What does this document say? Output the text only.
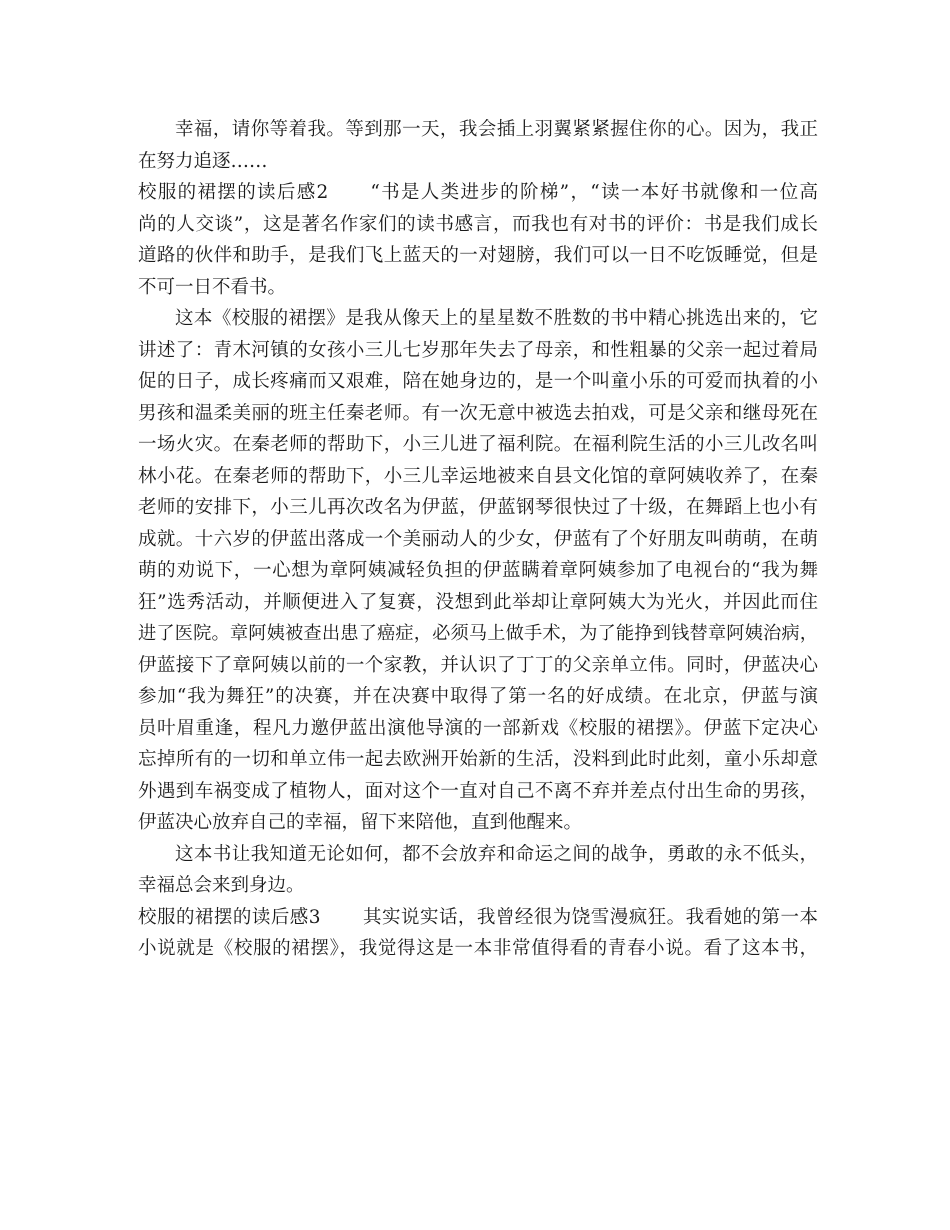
幸福，请你等着我。等到那一天，我会插上羽翼紧紧握住你的心。因为，我正
在努力追逐……
校服的裙摆的读后感2 “书是人类进步的阶梯”，“读一本好书就像和一位高
尚的人交谈”，这是著名作家们的读书感言，而我也有对书的评价：书是我们成长
道路的伙伴和助手，是我们飞上蓝天的一对翅膀，我们可以一日不吃饭睡觉，但是
不可一日不看书。
这本《校服的裙摆》是我从像天上的星星数不胜数的书中精心挑选出来的，它
讲述了：青木河镇的女孩小三儿七岁那年失去了母亲，和性粗暴的父亲一起过着局
促的日子，成长疼痛而又艰难，陪在她身边的，是一个叫童小乐的可爱而执着的小
男孩和温柔美丽的班主任秦老师。有一次无意中被选去拍戏，可是父亲和继母死在
一场火灾。在秦老师的帮助下，小三儿进了福利院。在福利院生活的小三儿改名叫
林小花。在秦老师的帮助下，小三儿幸运地被来自县文化馆的章阿姨收养了，在秦
老师的安排下，小三儿再次改名为伊蓝，伊蓝钢琴很快过了十级，在舞蹈上也小有
成就。十六岁的伊蓝出落成一个美丽动人的少女，伊蓝有了个好朋友叫萌萌，在萌
萌的劝说下，一心想为章阿姨减轻负担的伊蓝瞒着章阿姨参加了电视台的“我为舞
狂”选秀活动，并顺便进入了复赛，没想到此举却让章阿姨大为光火，并因此而住
进了医院。章阿姨被查出患了癌症，必须马上做手术，为了能挣到钱替章阿姨治病，
伊蓝接下了章阿姨以前的一个家教，并认识了丁丁的父亲单立伟。同时，伊蓝决心
参加“我为舞狂”的决赛，并在决赛中取得了第一名的好成绩。在北京，伊蓝与演
员叶眉重逢，程凡力邀伊蓝出演他导演的一部新戏《校服的裙摆》。伊蓝下定决心
忘掉所有的一切和单立伟一起去欧洲开始新的生活，没料到此时此刻，童小乐却意
外遇到车祸变成了植物人，面对这个一直对自己不离不弃并差点付出生命的男孩，
伊蓝决心放弃自己的幸福，留下来陪他，直到他醒来。
这本书让我知道无论如何，都不会放弃和命运之间的战争，勇敢的永不低头，
幸福总会来到身边。
校服的裙摆的读后感3 其实说实话，我曾经很为饶雪漫疯狂。我看她的第一本
小说就是《校服的裙摆》，我觉得这是一本非常值得看的青春小说。看了这本书，
